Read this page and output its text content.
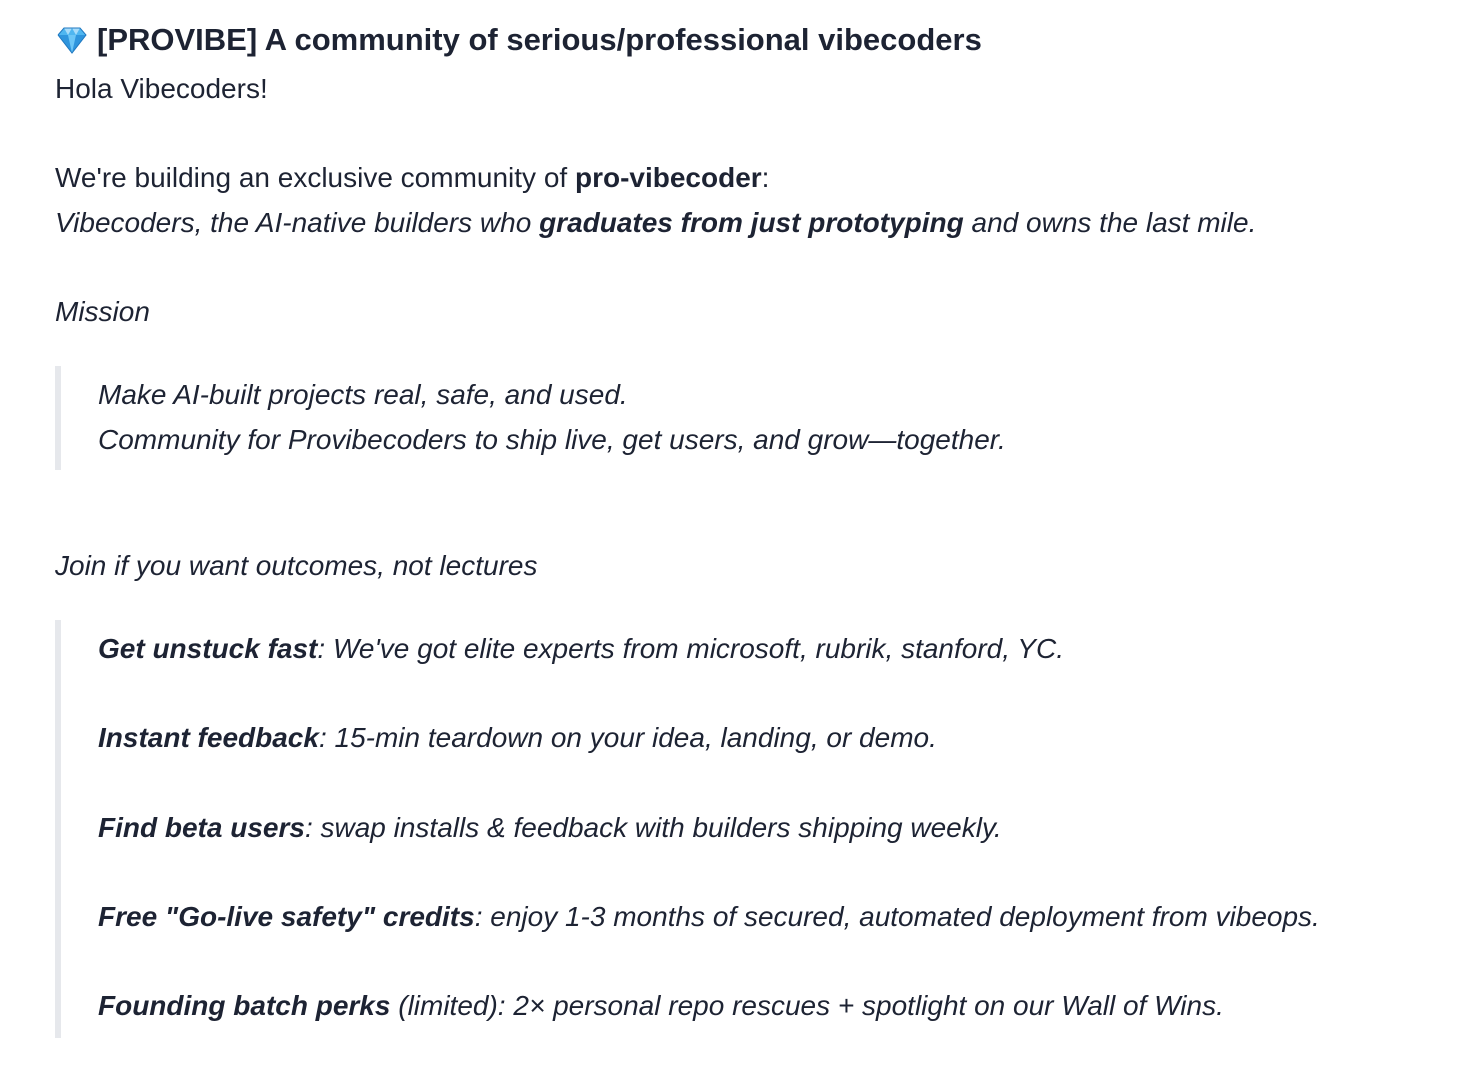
[PROVIBE] A community of serious/professional vibecoders
Hola Vibecoders!
We're building an exclusive community of pro-vibecoder:
Vibecoders, the AI-native builders who graduates from just prototyping and owns the last mile.
Mission
Make AI-built projects real, safe, and used.
Community for Provibecoders to ship live, get users, and grow—together.
Join if you want outcomes, not lectures
Get unstuck fast: We've got elite experts from microsoft, rubrik, stanford, YC.
Instant feedback: 15-min teardown on your idea, landing, or demo.
Find beta users: swap installs & feedback with builders shipping weekly.
Free "Go-live safety" credits: enjoy 1-3 months of secured, automated deployment from vibeops.
Founding batch perks (limited): 2× personal repo rescues + spotlight on our Wall of Wins.
